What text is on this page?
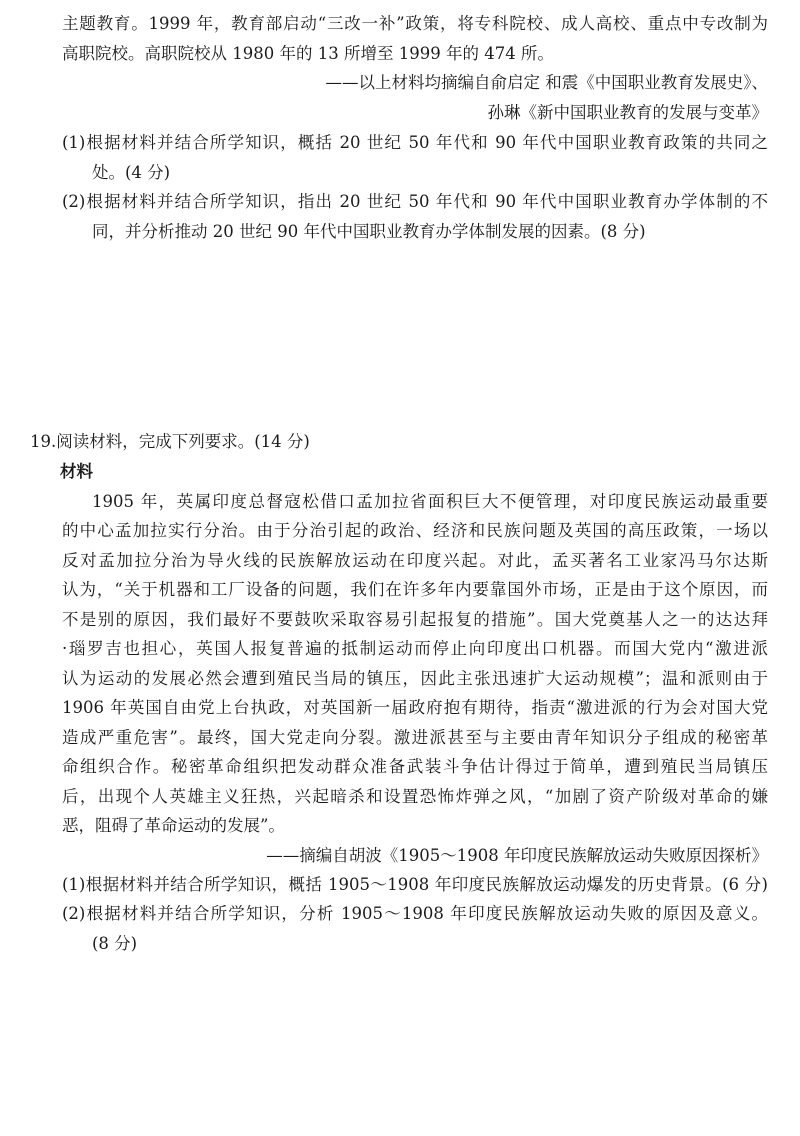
主题教育。1999 年，教育部启动“三改一补”政策，将专科院校、成人高校、重点中专改制为
高职院校。高职院校从 1980 年的 13 所增至 1999 年的 474 所。
——以上材料均摘编自俞启定 和震《中国职业教育发展史》、
孙琳《新中国职业教育的发展与变革》
(1)根据材料并结合所学知识，概括 20 世纪 50 年代和 90 年代中国职业教育政策的共同之
处。(4 分)
(2)根据材料并结合所学知识，指出 20 世纪 50 年代和 90 年代中国职业教育办学体制的不
同，并分析推动 20 世纪 90 年代中国职业教育办学体制发展的因素。(8 分)
19.阅读材料，完成下列要求。(14 分)
材料
1905 年，英属印度总督寇松借口孟加拉省面积巨大不便管理，对印度民族运动最重要
的中心孟加拉实行分治。由于分治引起的政治、经济和民族问题及英国的高压政策，一场以
反对孟加拉分治为导火线的民族解放运动在印度兴起。对此，孟买著名工业家冯马尔达斯
认为，“关于机器和工厂设备的问题，我们在许多年内要靠国外市场，正是由于这个原因，而
不是别的原因，我们最好不要鼓吹采取容易引起报复的措施”。国大党奠基人之一的达达拜
·瑙罗吉也担心，英国人报复普遍的抵制运动而停止向印度出口机器。而国大党内“激进派
认为运动的发展必然会遭到殖民当局的镇压，因此主张迅速扩大运动规模”；温和派则由于
1906 年英国自由党上台执政，对英国新一届政府抱有期待，指责“激进派的行为会对国大党
造成严重危害”。最终，国大党走向分裂。激进派甚至与主要由青年知识分子组成的秘密革
命组织合作。秘密革命组织把发动群众准备武装斗争估计得过于简单，遭到殖民当局镇压
后，出现个人英雄主义狂热，兴起暗杀和设置恐怖炸弹之风，“加剧了资产阶级对革命的嫌
恶，阻碍了革命运动的发展”。
——摘编自胡波《1905～1908 年印度民族解放运动失败原因探析》
(1)根据材料并结合所学知识，概括 1905～1908 年印度民族解放运动爆发的历史背景。(6 分)
(2)根据材料并结合所学知识，分析 1905～1908 年印度民族解放运动失败的原因及意义。
(8 分)
